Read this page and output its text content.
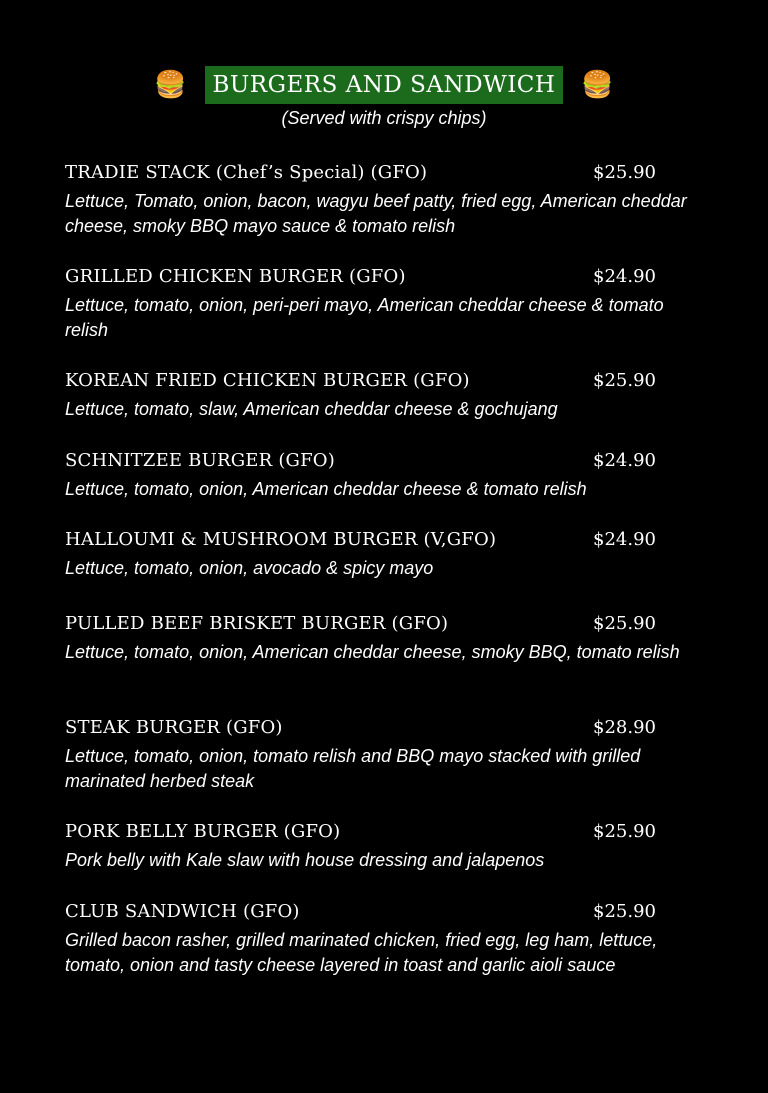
🍔	BURGERS AND SANDWICH 🍔
(Served with crispy chips)
TRADIE STACK (Chef’s Special) (GFO)	$25.90
Lettuce, Tomato, onion, bacon, wagyu beef patty, fried egg, American cheddar cheese, smoky BBQ mayo sauce & tomato relish
GRILLED CHICKEN BURGER (GFO)	$24.90
Lettuce, tomato, onion, peri-peri mayo, American cheddar cheese & tomato relish
KOREAN FRIED CHICKEN BURGER (GFO)	$25.90
Lettuce, tomato, slaw, American cheddar cheese & gochujang
SCHNITZEE BURGER (GFO)	$24.90
Lettuce, tomato, onion, American cheddar cheese & tomato relish
HALLOUMI & MUSHROOM BURGER (V,GFO)	$24.90
Lettuce, tomato, onion, avocado & spicy mayo
PULLED BEEF BRISKET BURGER (GFO)	$25.90
Lettuce, tomato, onion, American cheddar cheese, smoky BBQ, tomato relish
STEAK BURGER (GFO)	$28.90
Lettuce, tomato, onion, tomato relish and BBQ mayo stacked with grilled marinated herbed steak
PORK BELLY BURGER (GFO)	$25.90
Pork belly with Kale slaw with house dressing and jalapenos
CLUB SANDWICH (GFO)	$25.90
Grilled bacon rasher, grilled marinated chicken, fried egg, leg ham, lettuce, tomato, onion and tasty cheese layered in toast and garlic aioli sauce
